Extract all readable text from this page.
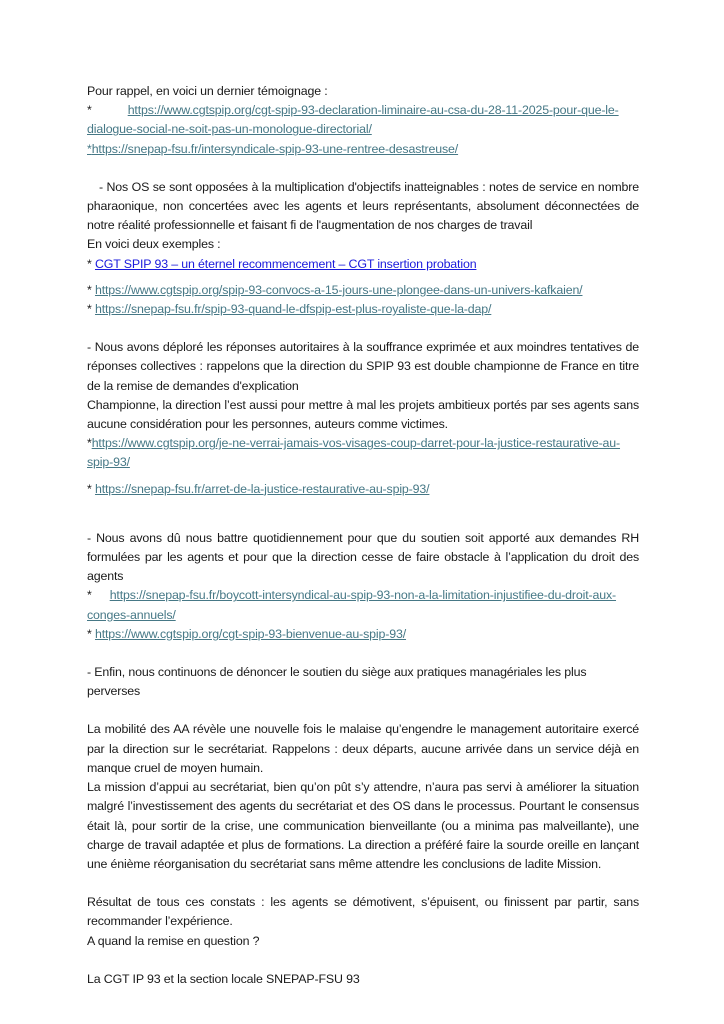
Pour rappel, en voici un dernier témoignage :

*	https://www.cgtspip.org/cgt-spip-93-declaration-liminaire-au-csa-du-28-11-2025-pour-que-le-dialogue-social-ne-soit-pas-un-monologue-directorial/

*https://snepap-fsu.fr/intersyndicale-spip-93-une-rentree-desastreuse/

- Nos OS se sont opposées à la multiplication d'objectifs inatteignables : notes de service en nombre pharaonique, non concertées avec les agents et leurs représentants, absolument déconnectées de notre réalité professionnelle et faisant fi de l'augmentation de nos charges de travail

En voici deux exemples :

* CGT SPIP 93 – un éternel recommencement – CGT insertion probation

* https://www.cgtspip.org/spip-93-convocs-a-15-jours-une-plongee-dans-un-univers-kafkaien/

* https://snepap-fsu.fr/spip-93-quand-le-dfspip-est-plus-royaliste-que-la-dap/

- Nous avons déploré les réponses autoritaires à la souffrance exprimée et aux moindres tentatives de réponses collectives : rappelons que la direction du SPIP 93 est double championne de France en titre de la remise de demandes d'explication

Championne, la direction l’est aussi pour mettre à mal les projets ambitieux portés par ses agents sans aucune considération pour les personnes, auteurs comme victimes.

*https://www.cgtspip.org/je-ne-verrai-jamais-vos-visages-coup-darret-pour-la-justice-restaurative-au-spip-93/

* https://snepap-fsu.fr/arret-de-la-justice-restaurative-au-spip-93/

- Nous avons dû nous battre quotidiennement pour que du soutien soit apporté aux demandes RH formulées par les agents et pour que la direction cesse de faire obstacle à l’application du droit des agents

* https://snepap-fsu.fr/boycott-intersyndical-au-spip-93-non-a-la-limitation-injustifiee-du-droit-aux-conges-annuels/

* https://www.cgtspip.org/cgt-spip-93-bienvenue-au-spip-93/

- Enfin, nous continuons de dénoncer le soutien du siège aux pratiques managériales les plus perverses

La mobilité des AA révèle une nouvelle fois le malaise qu’engendre le management autoritaire exercé par la direction sur le secrétariat. Rappelons : deux départs, aucune arrivée dans un service déjà en manque cruel de moyen humain.

La mission d’appui au secrétariat, bien qu’on pût s’y attendre, n’aura pas servi à améliorer la situation malgré l’investissement des agents du secrétariat et des OS dans le processus. Pourtant le consensus était là, pour sortir de la crise, une communication bienveillante (ou a minima pas malveillante), une charge de travail adaptée et plus de formations. La direction a préféré faire la sourde oreille en lançant une énième réorganisation du secrétariat sans même attendre les conclusions de ladite Mission.

Résultat de tous ces constats : les agents se démotivent, s’épuisent, ou finissent par partir, sans recommander l’expérience.

A quand la remise en question ?

La CGT IP 93 et la section locale SNEPAP-FSU 93
